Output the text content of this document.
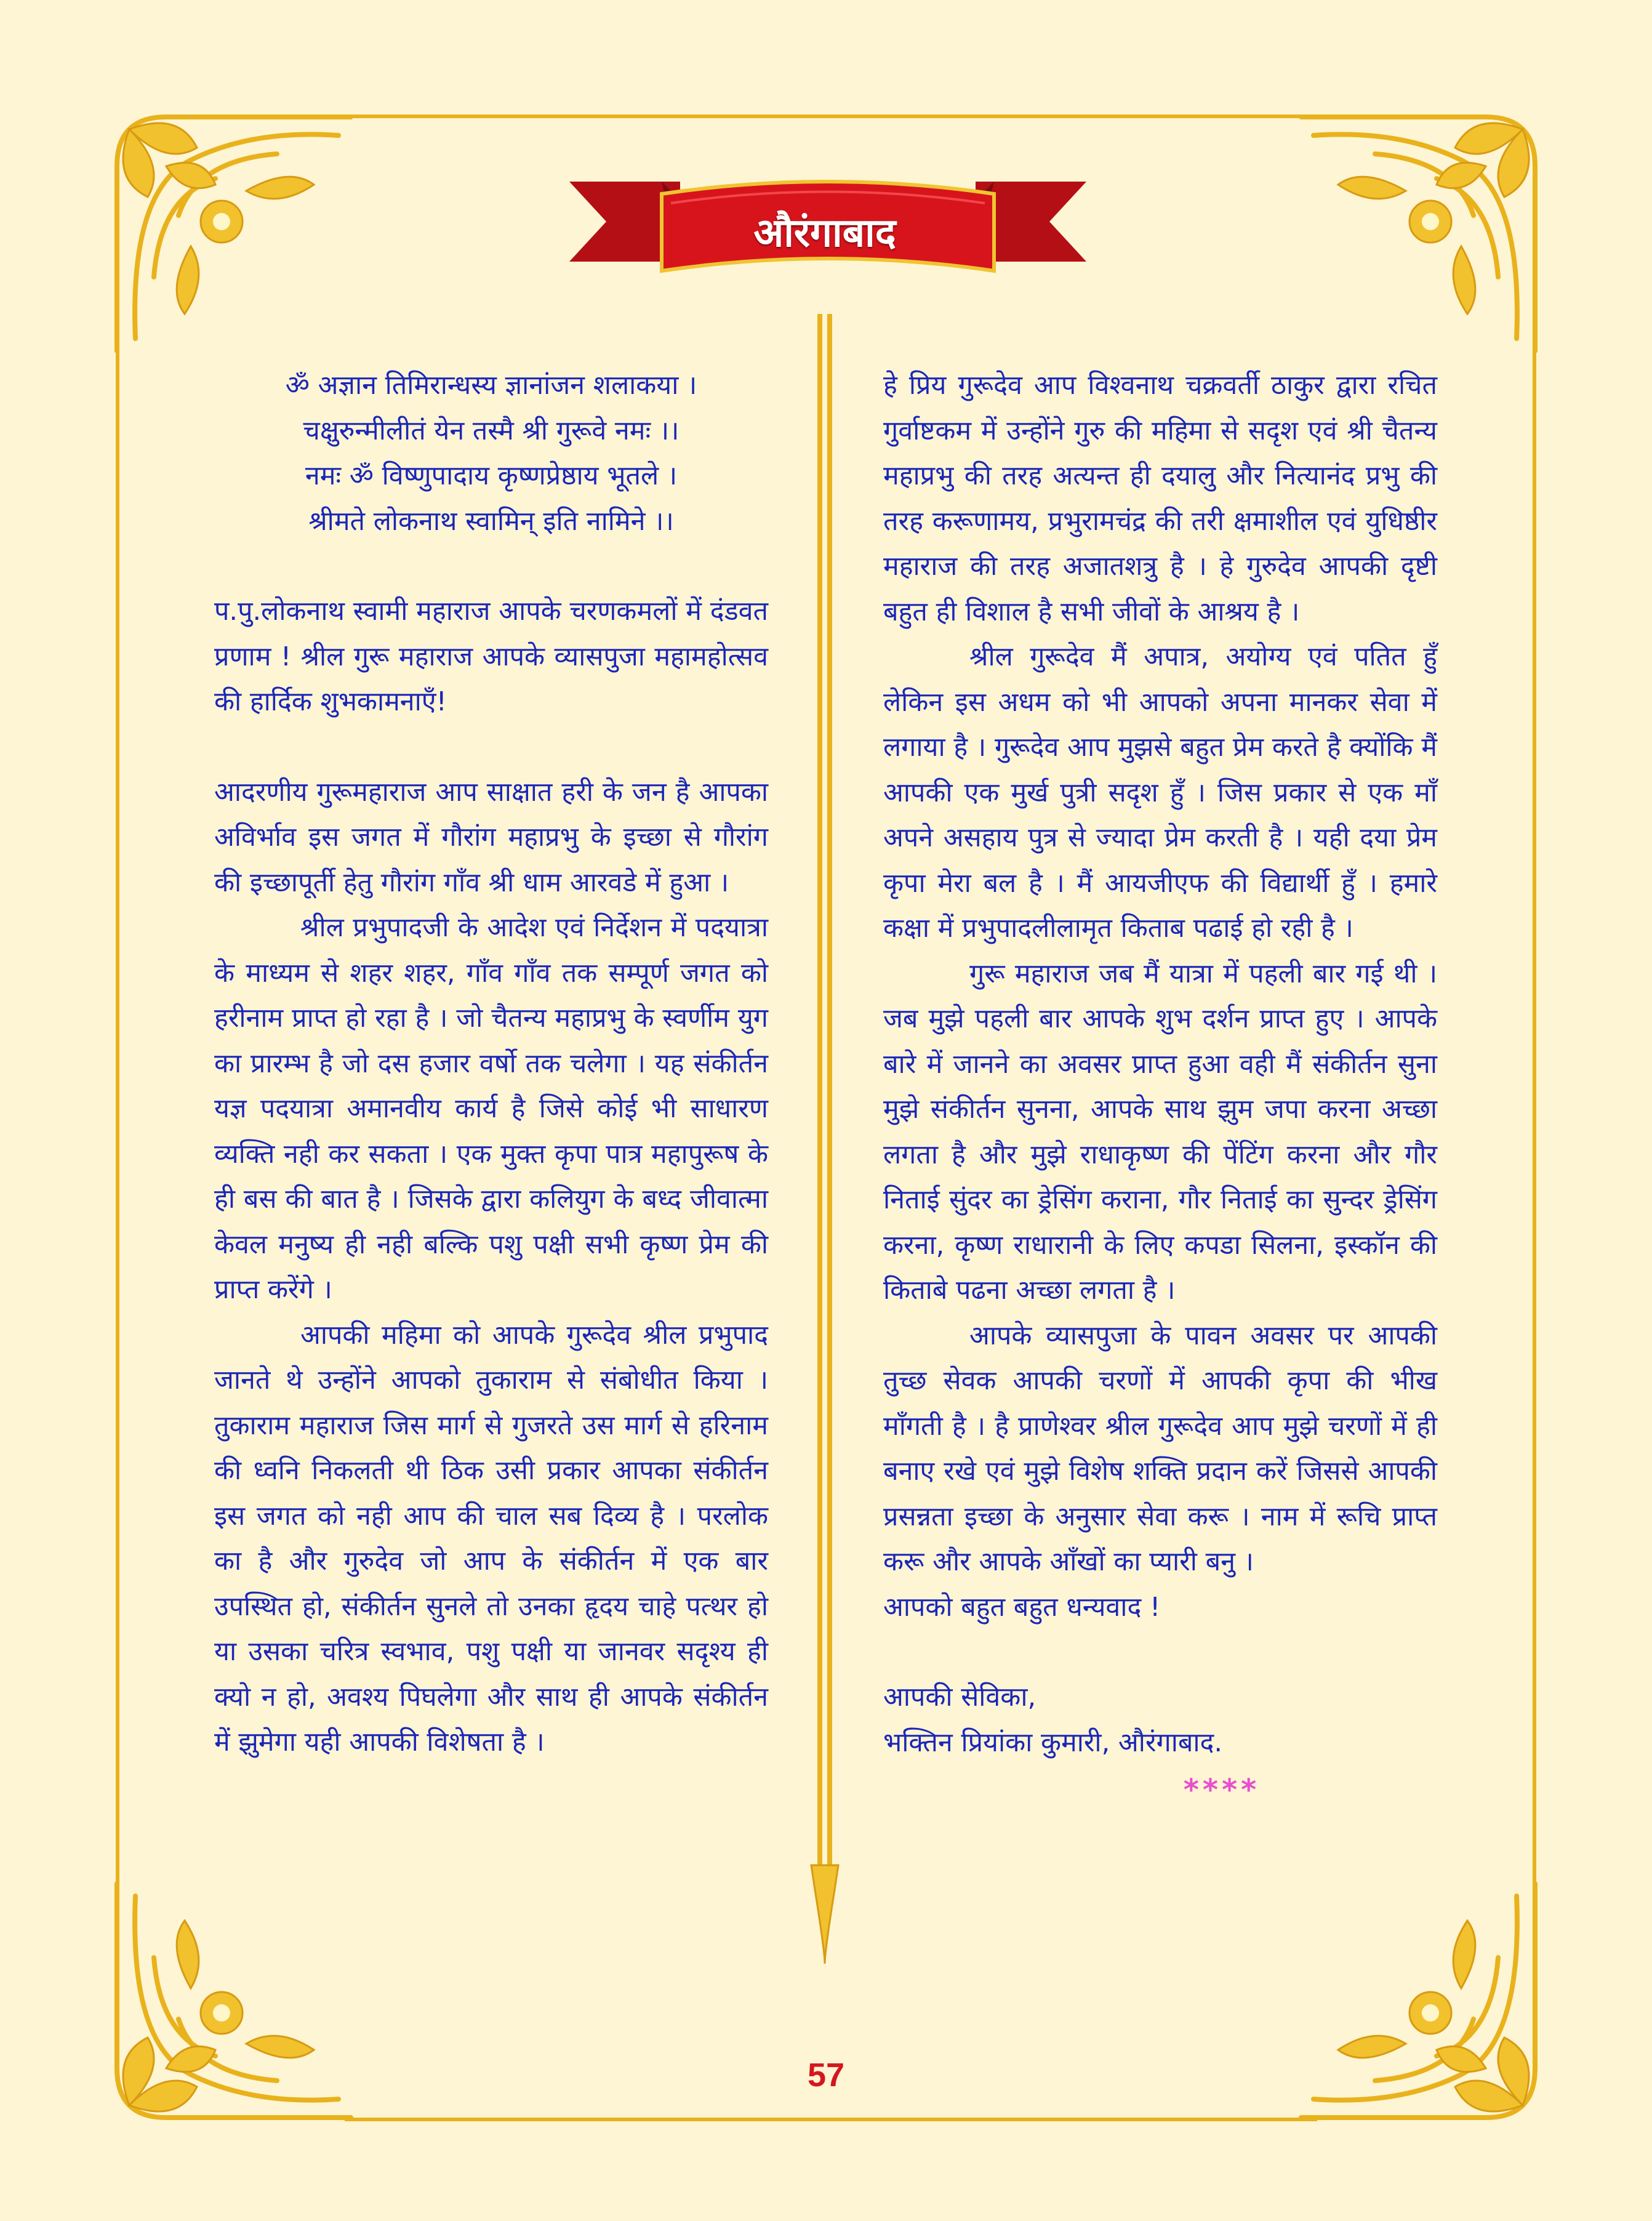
औरंगाबाद

ॐ अज्ञान तिमिरान्धस्य ज्ञानांजन शलाकया ।

चक्षुरुन्मीलीतं येन तस्मै श्री गुरूवे नमः ।।

नमः ॐ विष्णुपादाय कृष्णप्रेष्ठाय भूतले ।

श्रीमते लोकनाथ स्वामिन् इति नामिने ।।

प.पु.लोकनाथ स्वामी महाराज आपके चरणकमलों में दंडवत प्रणाम ! श्रील गुरू महाराज आपके व्यासपुजा महामहोत्सव की हार्दिक शुभकामनाएँ!

आदरणीय गुरूमहाराज आप साक्षात हरी के जन है आपका अविर्भाव इस जगत में गौरांग महाप्रभु के इच्छा से गौरांग की इच्छापूर्ती हेतु गौरांग गाँव श्री धाम आरवडे में हुआ ।

श्रील प्रभुपादजी के आदेश एवं निर्देशन में पदयात्रा के माध्यम से शहर शहर, गाँव गाँव तक सम्पूर्ण जगत को हरीनाम प्राप्त हो रहा है । जो चैतन्य महाप्रभु के स्वर्णीम युग का प्रारम्भ है जो दस हजार वर्षो तक चलेगा । यह संकीर्तन यज्ञ पदयात्रा अमानवीय कार्य है जिसे कोई भी साधारण व्यक्ति नही कर सकता । एक मुक्त कृपा पात्र महापुरूष के ही बस की बात है । जिसके द्वारा कलियुग के बध्द जीवात्मा केवल मनुष्य ही नही बल्कि पशु पक्षी सभी कृष्ण प्रेम की प्राप्त करेंगे ।

आपकी महिमा को आपके गुरूदेव श्रील प्रभुपाद जानते थे उन्होंने आपको तुकाराम से संबोधीत किया । तुकाराम महाराज जिस मार्ग से गुजरते उस मार्ग से हरिनाम की ध्वनि निकलती थी ठिक उसी प्रकार आपका संकीर्तन इस जगत को नही आप की चाल सब दिव्य है । परलोक का है और गुरुदेव जो आप के संकीर्तन में एक बार उपस्थित हो, संकीर्तन सुनले तो उनका हृदय चाहे पत्थर हो या उसका चरित्र स्वभाव, पशु पक्षी या जानवर सदृश्य ही क्यो न हो, अवश्य पिघलेगा और साथ ही आपके संकीर्तन में झुमेगा यही आपकी विशेषता है ।

हे प्रिय गुरूदेव आप विश्वनाथ चक्रवर्ती ठाकुर द्वारा रचित गुर्वाष्टकम में उन्होंने गुरु की महिमा से सदृश एवं श्री चैतन्य महाप्रभु की तरह अत्यन्त ही दयालु और नित्यानंद प्रभु की तरह करूणामय, प्रभुरामचंद्र की तरी क्षमाशील एवं युधिष्ठीर महाराज की तरह अजातशत्रु है । हे गुरुदेव आपकी दृष्टी बहुत ही विशाल है सभी जीवों के आश्रय है ।

श्रील गुरूदेव मैं अपात्र, अयोग्य एवं पतित हुँ लेकिन इस अधम को भी आपको अपना मानकर सेवा में लगाया है । गुरूदेव आप मुझसे बहुत प्रेम करते है क्योंकि मैं आपकी एक मुर्ख पुत्री सदृश हुँ । जिस प्रकार से एक माँ अपने असहाय पुत्र से ज्यादा प्रेम करती है । यही दया प्रेम कृपा मेरा बल है । मैं आयजीएफ की विद्यार्थी हुँ । हमारे कक्षा में प्रभुपादलीलामृत किताब पढाई हो रही है ।

गुरू महाराज जब मैं यात्रा में पहली बार गई थी । जब मुझे पहली बार आपके शुभ दर्शन प्राप्त हुए । आपके बारे में जानने का अवसर प्राप्त हुआ वही मैं संकीर्तन सुना मुझे संकीर्तन सुनना, आपके साथ झुम जपा करना अच्छा लगता है और मुझे राधाकृष्ण की पेंटिंग करना और गौर निताई सुंदर का ड्रेसिंग कराना, गौर निताई का सुन्दर ड्रेसिंग करना, कृष्ण राधारानी के लिए कपडा सिलना, इस्कॉन की किताबे पढना अच्छा लगता है ।

आपके व्यासपुजा के पावन अवसर पर आपकी तुच्छ सेवक आपकी चरणों में आपकी कृपा की भीख माँगती है । है प्राणेश्वर श्रील गुरूदेव आप मुझे चरणों में ही बनाए रखे एवं मुझे विशेष शक्ति प्रदान करें जिससे आपकी प्रसन्नता इच्छा के अनुसार सेवा करू । नाम में रूचि प्राप्त करू और आपके आँखों का प्यारी बनु ।

आपको बहुत बहुत धन्यवाद !

आपकी सेविका,

भक्तिन प्रियांका कुमारी, औरंगाबाद.

****
57
